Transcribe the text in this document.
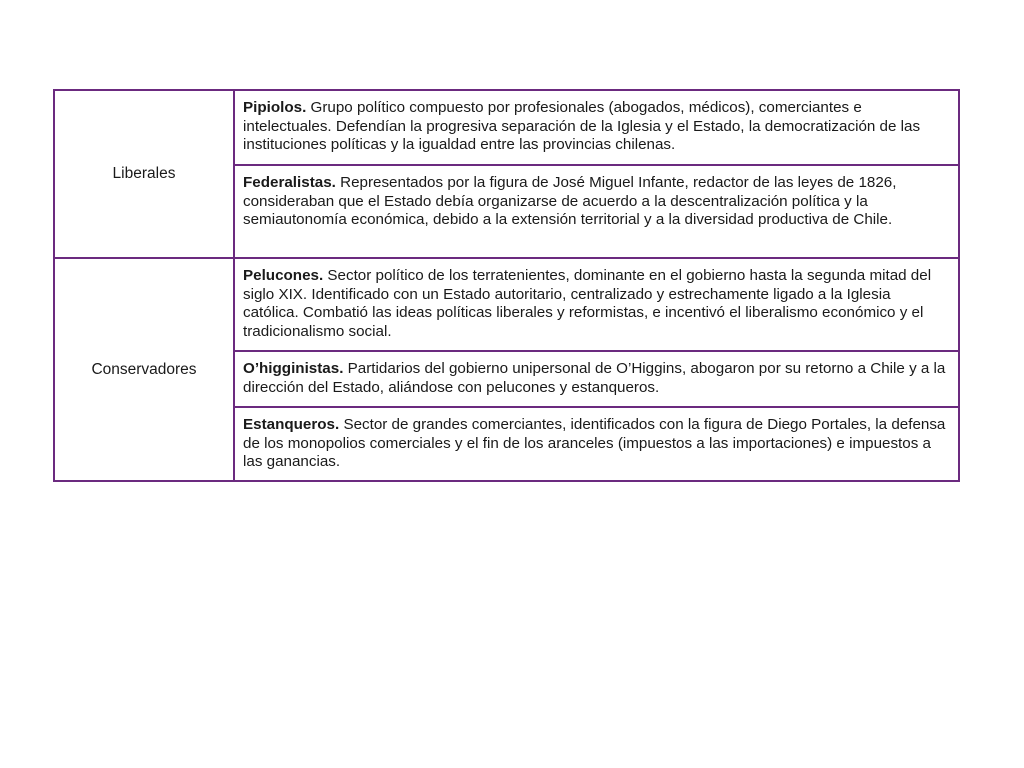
Liberales	Pipiolos. Grupo político compuesto por profesionales (abogados, médicos), comerciantes e intelectuales. Defendían la progresiva separación de la Iglesia y el Estado, la democratización de las instituciones políticas y la igualdad entre las provincias chilenas.
	Federalistas. Representados por la figura de José Miguel Infante, redactor de las leyes de 1826, consideraban que el Estado debía organizarse de acuerdo a la descentralización política y la semiautonomía económica, debido a la extensión territorial y a la diversidad productiva de Chile.
Conservadores	Pelucones. Sector político de los terratenientes, dominante en el gobierno hasta la segunda mitad del siglo XIX. Identificado con un Estado autoritario, centralizado y estrechamente ligado a la Iglesia católica. Combatió las ideas políticas liberales y reformistas, e incentivó el liberalismo económico y el tradicionalismo social.
	O’higginistas. Partidarios del gobierno unipersonal de O’Higgins, abogaron por su retorno a Chile y a la dirección del Estado, aliándose con pelucones y estanqueros.
	Estanqueros. Sector de grandes comerciantes, identificados con la figura de Diego Portales, la defensa de los monopolios comerciales y el fin de los aranceles (impuestos a las importaciones) e impuestos a las ganancias.
